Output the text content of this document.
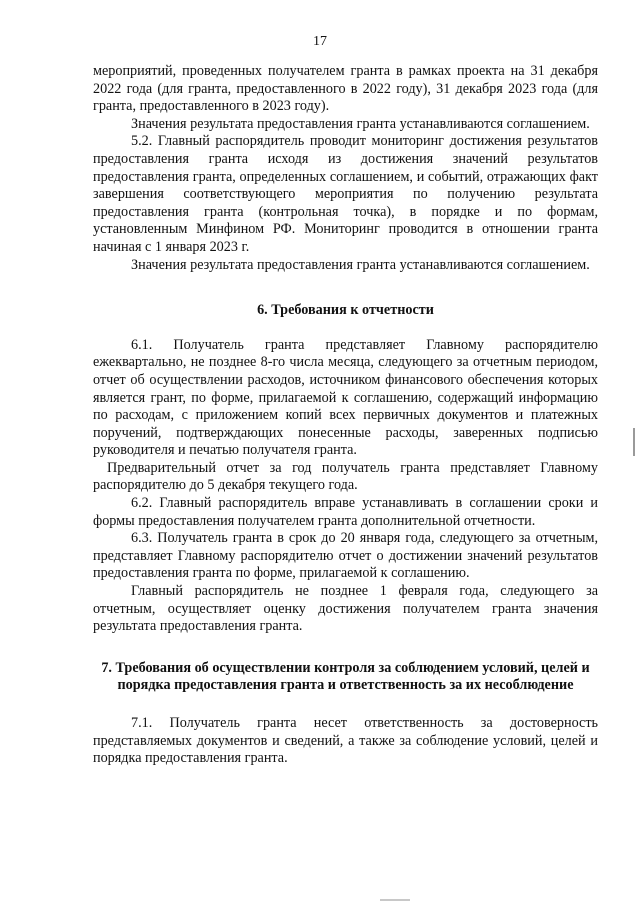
17

мероприятий, проведенных получателем гранта в рамках проекта на 31 декабря 2022 года (для гранта, предоставленного в 2022 году), 31 декабря 2023 года (для гранта, предоставленного в 2023 году).

Значения результата предоставления гранта устанавливаются соглашением.

5.2. Главный распорядитель проводит мониторинг достижения результатов предоставления гранта исходя из достижения значений результатов предоставления гранта, определенных соглашением, и событий, отражающих факт завершения соответствующего мероприятия по получению результата предоставления гранта (контрольная точка), в порядке и по формам, установленным Минфином РФ. Мониторинг проводится в отношении гранта начиная с 1 января 2023 г.

Значения результата предоставления гранта устанавливаются соглашением.

6. Требования к отчетности

6.1. Получатель гранта представляет Главному распорядителю ежеквартально, не позднее 8-го числа месяца, следующего за отчетным периодом, отчет об осуществлении расходов, источником финансового обеспечения которых является грант, по форме, прилагаемой к соглашению, содержащий информацию по расходам, с приложением копий всех первичных документов и платежных поручений, подтверждающих понесенные расходы, заверенных подписью руководителя и печатью получателя гранта.

Предварительный отчет за год получатель гранта представляет Главному распорядителю до 5 декабря текущего года.

6.2. Главный распорядитель вправе устанавливать в соглашении сроки и формы предоставления получателем гранта дополнительной отчетности.

6.3. Получатель гранта в срок до 20 января года, следующего за отчетным, представляет Главному распорядителю отчет о достижении значений результатов предоставления гранта по форме, прилагаемой к соглашению.

Главный распорядитель не позднее 1 февраля года, следующего за отчетным, осуществляет оценку достижения получателем гранта значения результата предоставления гранта.

7. Требования об осуществлении контроля за соблюдением условий, целей и порядка предоставления гранта и ответственность за их несоблюдение

7.1. Получатель гранта несет ответственность за достоверность представляемых документов и сведений, а также за соблюдение условий, целей и порядка предоставления гранта.
